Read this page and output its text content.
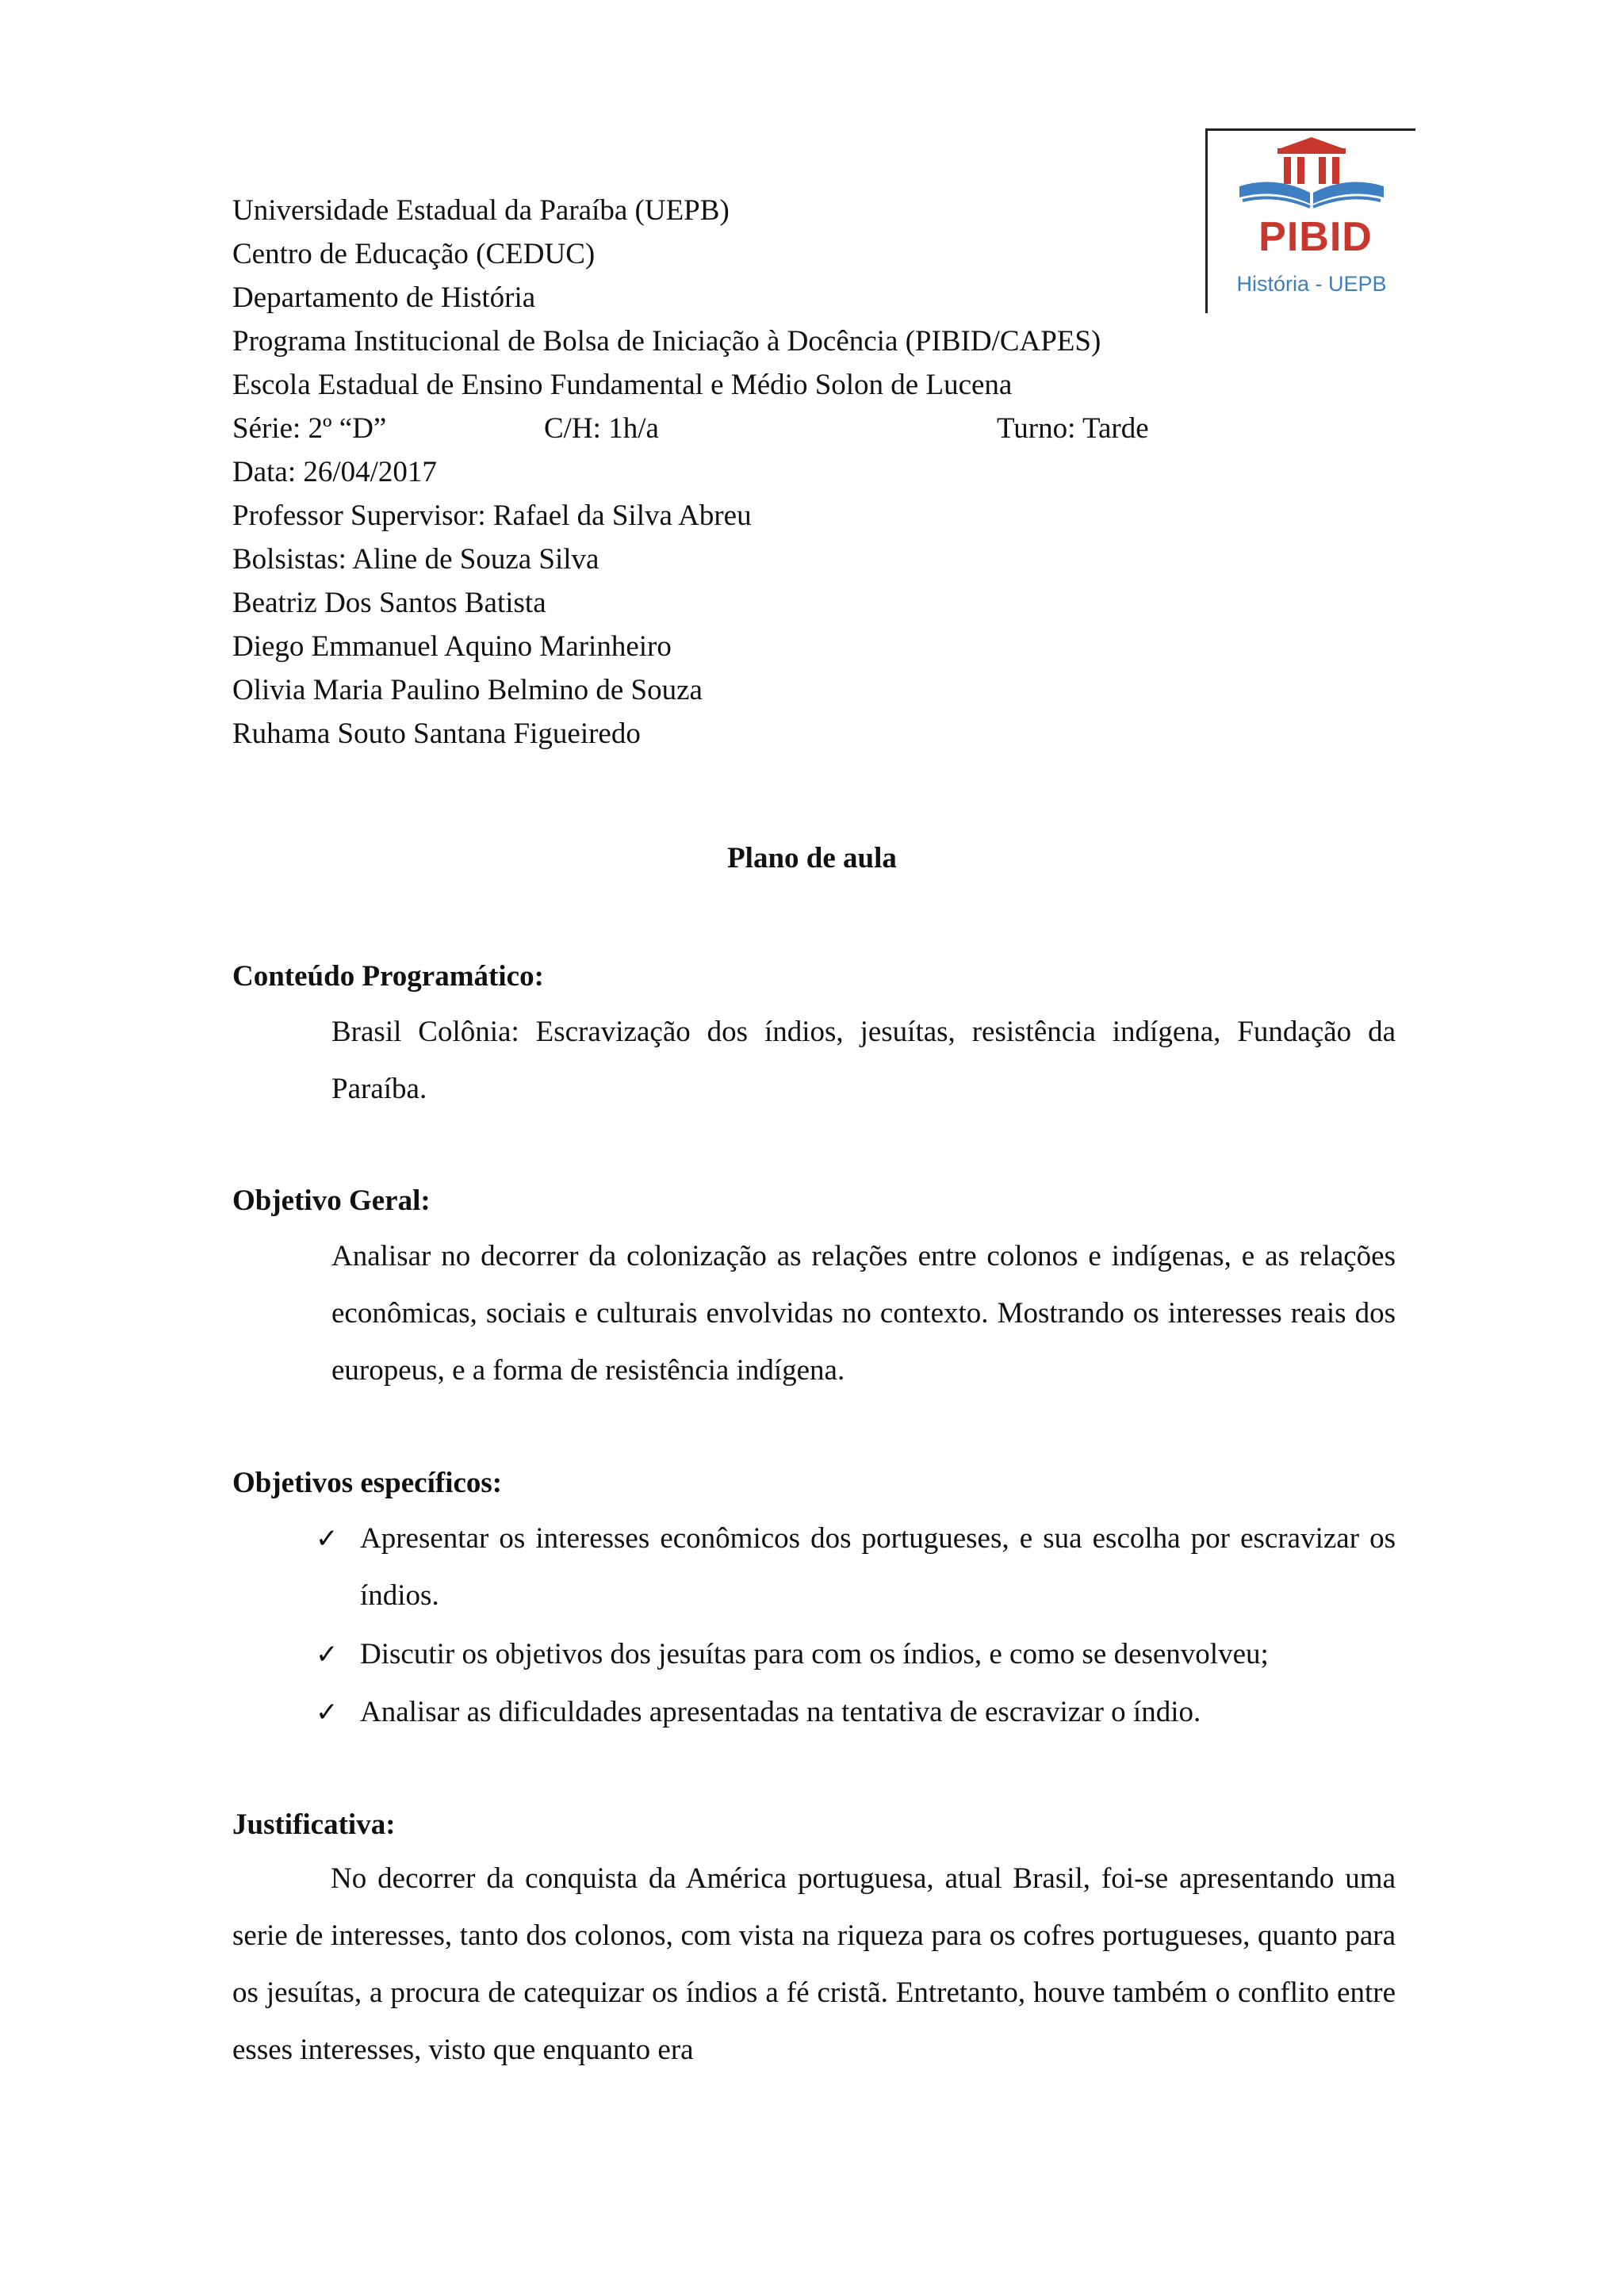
PIBID
História - UEPB
Universidade Estadual da Paraíba (UEPB)
Centro de Educação (CEDUC)
Departamento de História
Programa Institucional de Bolsa de Iniciação à Docência (PIBID/CAPES)
Escola Estadual de Ensino Fundamental e Médio Solon de Lucena
Série: 2º “D”	C/H: 1h/a	Turno: Tarde
Data: 26/04/2017
Professor Supervisor: Rafael da Silva Abreu
Bolsistas: Aline de Souza Silva
Beatriz Dos Santos Batista
Diego Emmanuel Aquino Marinheiro
Olivia Maria Paulino Belmino de Souza
Ruhama Souto Santana Figueiredo
Plano de aula
Conteúdo Programático:
Brasil Colônia: Escravização dos índios, jesuítas, resistência indígena, Fundação da Paraíba.
Objetivo Geral:
Analisar no decorrer da colonização as relações entre colonos e indígenas, e as relações econômicas, sociais e culturais envolvidas no contexto. Mostrando os interesses reais dos europeus, e a forma de resistência indígena.
Objetivos específicos:
✓ Apresentar os interesses econômicos dos portugueses, e sua escolha por escravizar os índios.
✓ Discutir os objetivos dos jesuítas para com os índios, e como se desenvolveu;
✓ Analisar as dificuldades apresentadas na tentativa de escravizar o índio.
Justificativa:
No decorrer da conquista da América portuguesa, atual Brasil, foi-se apresentando uma serie de interesses, tanto dos colonos, com vista na riqueza para os cofres portugueses, quanto para os jesuítas, a procura de catequizar os índios a fé cristã. Entretanto, houve também o conflito entre esses interesses, visto que enquanto era
